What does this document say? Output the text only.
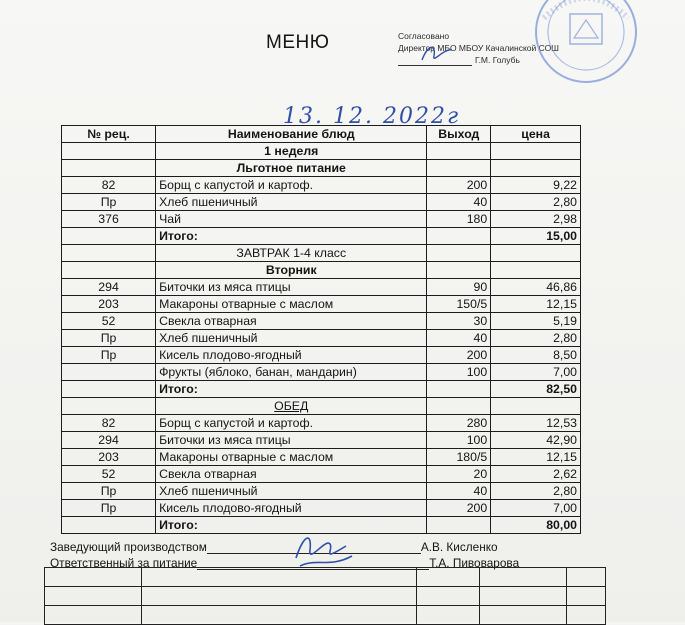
МЕНЮ	Согласовано
Директор МБО МБОУ Качалинской СОШ
Г.М. Голубь
13. 12. 2022г
№ рец.	Наименование блюд	Выход	цена
	1 неделя		
	Льготное питание		
82	Борщ с капустой и картоф.	200	9,22
Пр	Хлеб пшеничный	40	2,80
376	Чай	180	2,98
	Итого:		15,00
	ЗАВТРАК 1-4 класс		
	Вторник		
294	Биточки из мяса птицы	90	46,86
203	Макароны отварные с маслом	150/5	12,15
52	Свекла отварная	30	5,19
Пр	Хлеб пшеничный	40	2,80
Пр	Кисель плодово-ягодный	200	8,50
	Фрукты (яблоко, банан, мандарин)	100	7,00
	Итого:		82,50
	ОБЕД		
82	Борщ с капустой и картоф.	280	12,53
294	Биточки из мяса птицы	100	42,90
203	Макароны отварные с маслом	180/5	12,15
52	Свекла отварная	20	2,62
Пр	Хлеб пшеничный	40	2,80
Пр	Кисель плодово-ягодный	200	7,00
	Итого:		80,00
Заведующий производством	А.В. Кисленко
Ответственный за питание	Т.А. Пивоварова
